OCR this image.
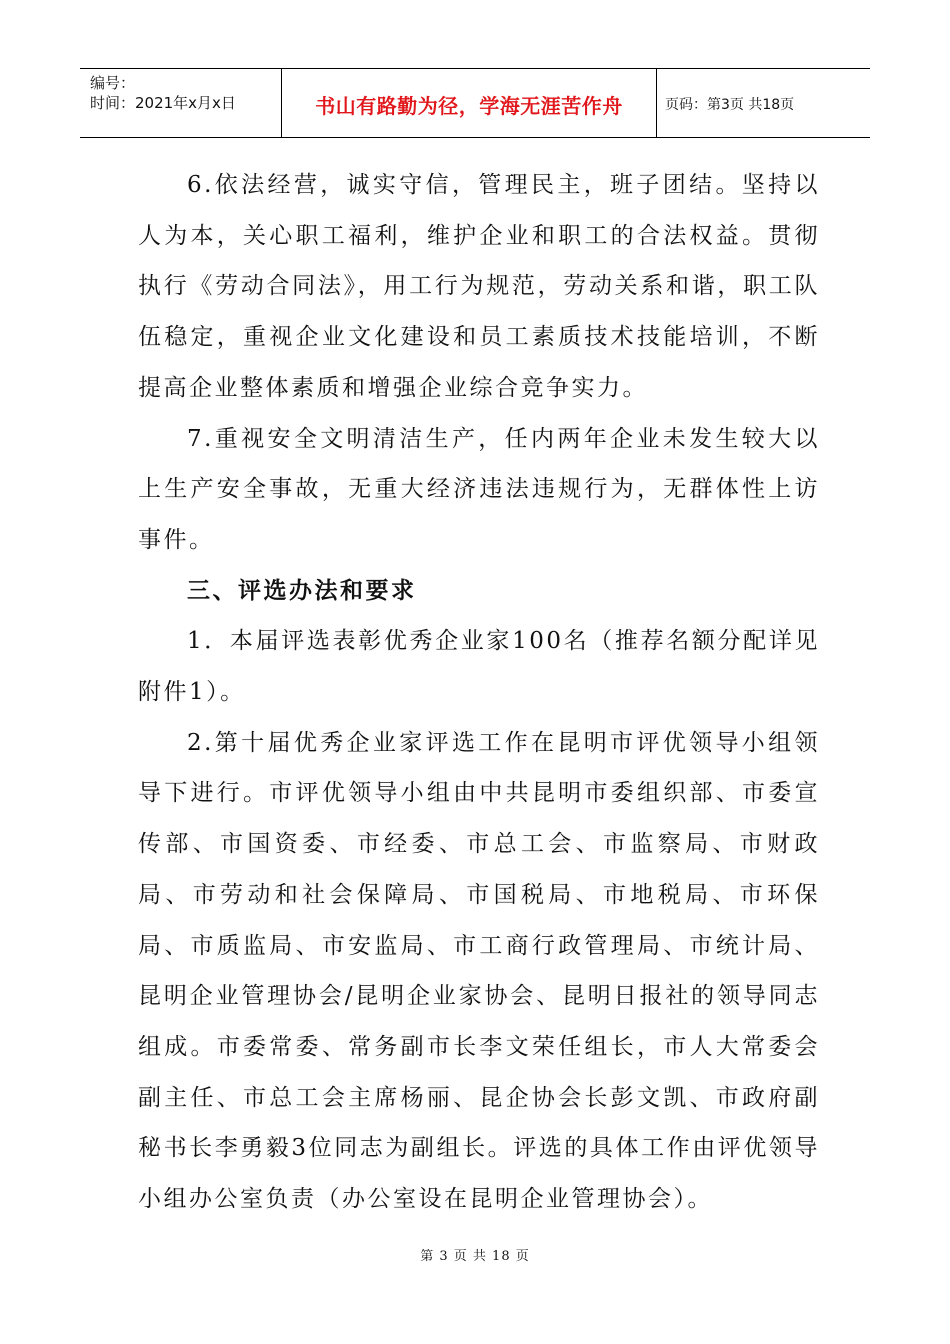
编号：
时间：2021年x月x日	书山有路勤为径，学海无涯苦作舟	页码：第3页 共18页

6.依法经营，诚实守信，管理民主，班子团结。坚持以人为本，关心职工福利，维护企业和职工的合法权益。贯彻执行《劳动合同法》，用工行为规范，劳动关系和谐，职工队伍稳定，重视企业文化建设和员工素质技术技能培训，不断提高企业整体素质和增强企业综合竞争实力。

7.重视安全文明清洁生产，任内两年企业未发生较大以上生产安全事故，无重大经济违法违规行为，无群体性上访事件。

三、评选办法和要求

1．本届评选表彰优秀企业家100名（推荐名额分配详见附件1）。

2.第十届优秀企业家评选工作在昆明市评优领导小组领导下进行。市评优领导小组由中共昆明市委组织部、市委宣传部、市国资委、市经委、市总工会、市监察局、市财政局、市劳动和社会保障局、市国税局、市地税局、市环保局、市质监局、市安监局、市工商行政管理局、市统计局、昆明企业管理协会/昆明企业家协会、昆明日报社的领导同志组成。市委常委、常务副市长李文荣任组长，市人大常委会副主任、市总工会主席杨丽、昆企协会长彭文凯、市政府副秘书长李勇毅3位同志为副组长。评选的具体工作由评优领导小组办公室负责（办公室设在昆明企业管理协会）。

第 3 页 共 18 页
